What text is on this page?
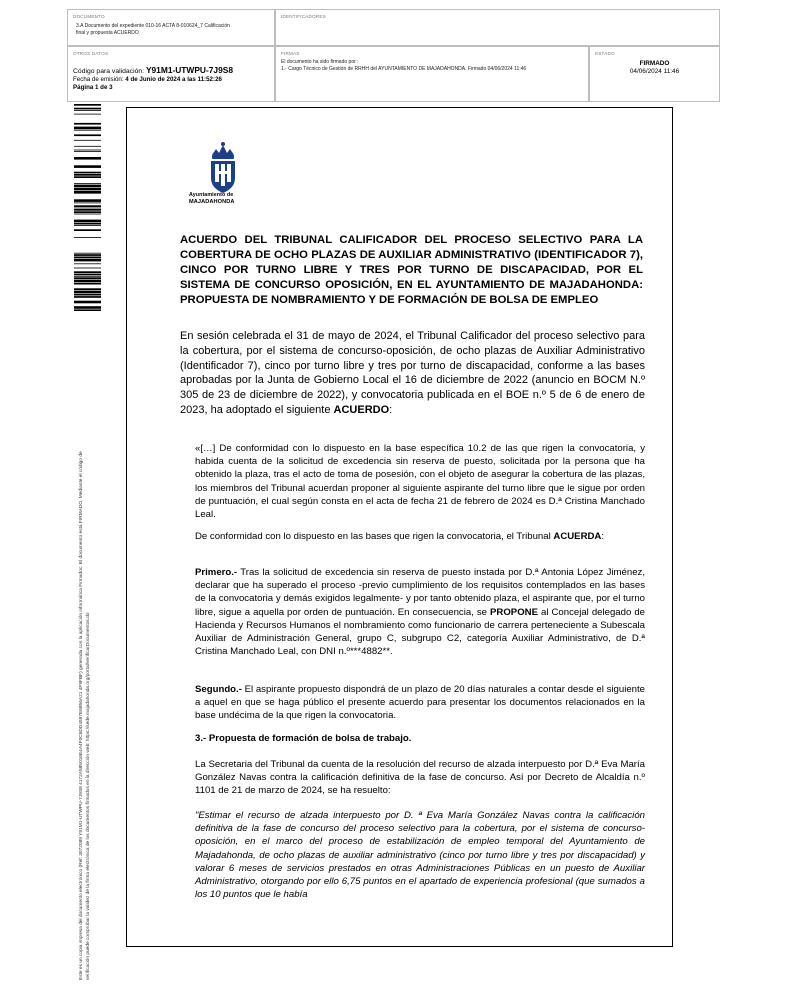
DOCUMENTO
3.A Documento del expediente 010-16 ACTA 8-010624_7 Calificación
final y propuesta ACUERDO
IDENTIFICADORES
OTROS DATOS
Código para validación: Y91M1-UTWPU-7J9S8
Fecha de emisión: 4 de Junio de 2024 a las 11:52:26
Página 1 de 3
FIRMAS
El documento ha sido firmado por :
1.- Cargo Técnico de Gestión de RRHH del AYUNTAMIENTO DE MAJADAHONDA. Firmado 04/06/2024 11:46
ESTADO
FIRMADO
04/06/2024 11:46
Este es un copia impresa del documento electrónico (Ref: 3072089 Y91M1-UTWPU-7J9S8 4172A585016E4A4F0C6DD4597E6856A21 4F9FBF) generada con la aplicación informática Firmadoc. El documento está FIRMADO. Mediante el código de verificación puede comprobar la validez de la firma electrónica de los documentos firmados en la dirección web: https://sede.majadahonda.org/portal/verificarDocumentos.do
Ayuntamiento de
MAJADAHONDA
ACUERDO DEL TRIBUNAL CALIFICADOR DEL PROCESO SELECTIVO PARA LA COBERTURA DE OCHO PLAZAS DE AUXILIAR ADMINISTRATIVO (IDENTIFICADOR 7), CINCO POR TURNO LIBRE Y TRES POR TURNO DE DISCAPACIDAD, POR EL SISTEMA DE CONCURSO OPOSICIÓN, EN EL AYUNTAMIENTO DE MAJADAHONDA: PROPUESTA DE NOMBRAMIENTO Y DE FORMACIÓN DE BOLSA DE EMPLEO
En sesión celebrada el 31 de mayo de 2024, el Tribunal Calificador del proceso selectivo para la cobertura, por el sistema de concurso-oposición, de ocho plazas de Auxiliar Administrativo (Identificador 7), cinco por turno libre y tres por turno de discapacidad, conforme a las bases aprobadas por la Junta de Gobierno Local el 16 de diciembre de 2022 (anuncio en BOCM N.º 305 de 23 de diciembre de 2022), y convocatoria publicada en el BOE n.º 5 de 6 de enero de 2023, ha adoptado el siguiente ACUERDO:
«[…] De conformidad con lo dispuesto en la base específica 10.2 de las que rigen la convocatoria, y habida cuenta de la solicitud de excedencia sin reserva de puesto, solicitada por la persona que ha obtenido la plaza, tras el acto de toma de posesión, con el objeto de asegurar la cobertura de las plazas, los miembros del Tribunal acuerdan proponer al siguiente aspirante del turno libre que le sigue por orden de puntuación, el cual según consta en el acta de fecha 21 de febrero de 2024 es D.ª Cristina Manchado Leal.
De conformidad con lo dispuesto en las bases que rigen la convocatoria, el Tribunal ACUERDA:
Primero.- Tras la solicitud de excedencia sin reserva de puesto instada por D.ª Antonia López Jiménez, declarar que ha superado el proceso -previo cumplimiento de los requisitos contemplados en las bases de la convocatoria y demás exigidos legalmente- y por tanto obtenido plaza, el aspirante que, por el turno libre, sigue a aquella por orden de puntuación. En consecuencia, se PROPONE al Concejal delegado de Hacienda y Recursos Humanos el nombramiento como funcionario de carrera perteneciente a Subescala Auxiliar de Administración General, grupo C, subgrupo C2, categoría Auxiliar Administrativo, de D.ª Cristina Manchado Leal, con DNI n.º***4882**.
Segundo.- El aspirante propuesto dispondrá de un plazo de 20 días naturales a contar desde el siguiente a aquel en que se haga público el presente acuerdo para presentar los documentos relacionados en la base undécima de la que rigen la convocatoria.
3.- Propuesta de formación de bolsa de trabajo.
La Secretaria del Tribunal da cuenta de la resolución del recurso de alzada interpuesto por D.ª Eva María González Navas contra la calificación definitiva de la fase de concurso. Así por Decreto de Alcaldía n.º 1101 de 21 de marzo de 2024, se ha resuelto:
"Estimar el recurso de alzada interpuesto por D. ª Eva María González Navas contra la calificación definitiva de la fase de concurso del proceso selectivo para la cobertura, por el sistema de concurso-oposición, en el marco del proceso de estabilización de empleo temporal del Ayuntamiento de Majadahonda, de ocho plazas de auxiliar administrativo (cinco por turno libre y tres por discapacidad) y valorar 6 meses de servicios prestados en otras Administraciones Públicas en un puesto de Auxiliar Administrativo, otorgando por ello 6,75 puntos en el apartado de experiencia profesional (que sumados a los 10 puntos que le había
